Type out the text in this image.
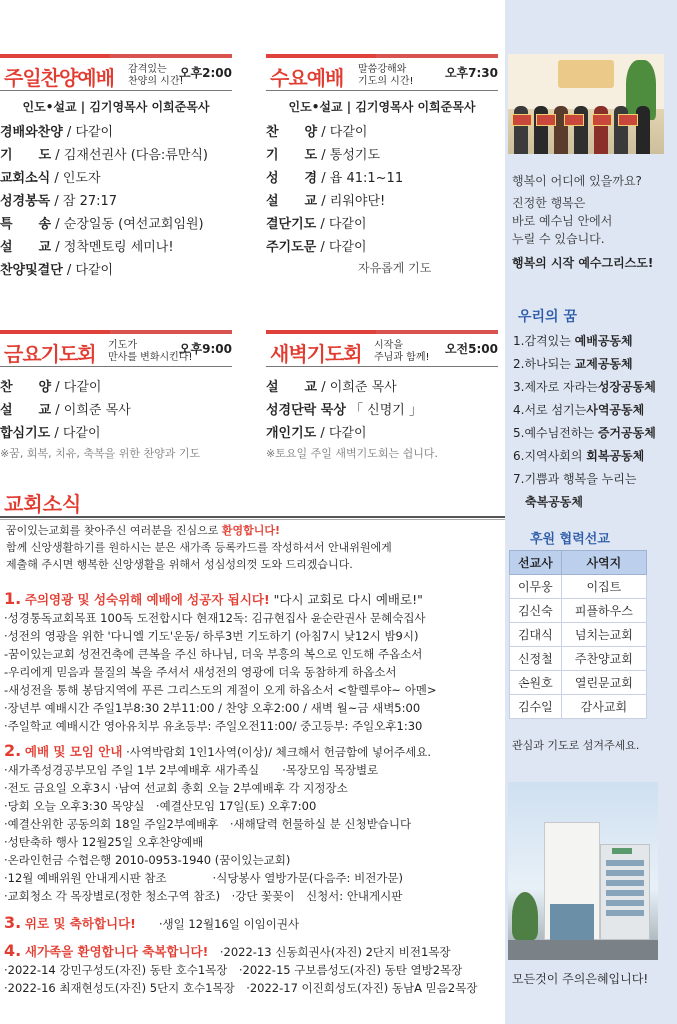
주일찬양예배 감격있는
찬양의 시간!
오후2:00
인도•설교 | 김기영목사 이희준목사
경배와찬양 / 다같이
기　　도 / 김재선권사 (다음:류만식)
교회소식 / 인도자
성경봉독 / 잠 27:17
특　　송 / 순장일동 (여선교회임원)
설　　교 / 정착멘토링 세미나!
찬양및결단 / 다같이
수요예배 말씀강해와
기도의 시간!
오후7:30
인도•설교 | 김기영목사 이희준목사
찬　　양 / 다같이
기　　도 / 통성기도
성　　경 / 욥 41:1~11
설　　교 / 리워야단!
결단기도 / 다같이
주기도문 / 다같이
자유롭게 기도
금요기도회 기도가
만사를 변화시킨다!
오후9:00
찬　　양 / 다같이
설　　교 / 이희준 목사
합심기도 / 다같이
※꿈, 회복, 치유, 축복을 위한 찬양과 기도
새벽기도회 시작을
주님과 함께!
오전5:00
설　　교 / 이희준 목사
성경단락 묵상 「 신명기 」
개인기도 / 다같이
※토요일 주일 새벽기도회는 쉽니다.
교회소식
꿈이있는교회를 찾아주신 여러분을 진심으로 환영합니다!
함께 신앙생활하기를 원하시는 분은 새가족 등록카드를 작성하셔서 안내위원에게
제출해 주시면 행복한 신앙생활을 위해서 성심성의껏 도와 드리겠습니다.
1. 주의영광 및 성숙위해 예배에 성공자 됩시다! "다시 교회로 다시 예배로!"
·성경통독교회목표 100독 도전합시다 현재12독: 김규현집사 윤순란권사 문혜숙집사
·성전의 영광을 위한 '다니엘 기도'운동/ 하루3번 기도하기 (아침7시 낮12시 밤9시)
-꿈이있는교회 성전건축에 큰복을 주신 하나님, 더욱 부흥의 복으로 인도해 주옵소서
-우리에게 믿음과 물질의 복을 주셔서 새성전의 영광에 더욱 동참하게 하옵소서
-새성전을 통해 봉담지역에 푸른 그리스도의 계절이 오게 하옵소서 <할렐루야~ 아멘>
·장년부 예배시간 주일1부8:30 2부11:00 / 찬양 오후2:00 / 새벽 월~금 새벽5:00
·주일학교 예배시간 영아유치부 유초등부: 주일오전11:00/ 중고등부: 주일오후1:30
2. 예배 및 모임 안내 ·사역박람회 1인1사역(이상)/ 체크해서 헌금함에 넣어주세요.
·새가족성경공부모임 주일 1부 2부예배후 새가족실　　·목장모임 목장별로
·전도 금요일 오후3시 ·남여 선교회 총회 오늘 2부예배후 각 지정장소
·당회 오늘 오후3:30 목양실　·예결산모임 17일(토) 오후7:00
·예결산위한 공동의회 18일 주일2부예배후　·새해달력 헌물하실 분 신청받습니다
·성탄축하 행사 12월25일 오후찬양예배
·온라인헌금 수협은행 2010-0953-1940 (꿈이있는교회)
·12월 예배위원 안내게시판 참조　　　　·식당봉사 열방가문(다음주: 비전가문)
·교회청소 각 목장별로(정한 청소구역 참조)　·강단 꽃꽂이　신청서: 안내게시판
3. 위로 및 축하합니다!　　·생일 12월16일 이임이권사
4. 새가족을 환영합니다 축복합니다!　·2022-13 신동희권사(자진) 2단지 비전1목장
·2022-14 강민구성도(자진) 동탄 호수1목장　·2022-15 구보름성도(자진) 동탄 열방2목장
·2022-16 최재현성도(자진) 5단지 호수1목장　·2022-17 이진희성도(자진) 동남A 믿음2목장
행복이 어디에 있을까요?
진정한 행복은
바로 예수님 안에서
누릴 수 있습니다.
행복의 시작 예수그리스도!
우리의 꿈
1.감격있는 예배공동체
2.하나되는 교제공동체
3.제자로 자라는성장공동체
4.서로 섬기는사역공동체
5.예수님전하는 증거공동체
6.지역사회의 회복공동체
7.기쁨과 행복을 누리는
축복공동체
후원 협력선교
선교사	사역지
이무웅	이집트
김신숙	피플하우스
김대식	넘치는교회
신정철	주찬양교회
손원호	열린문교회
김수일	감사교회
관심과 기도로 섬겨주세요.
모든것이 주의은혜입니다!
